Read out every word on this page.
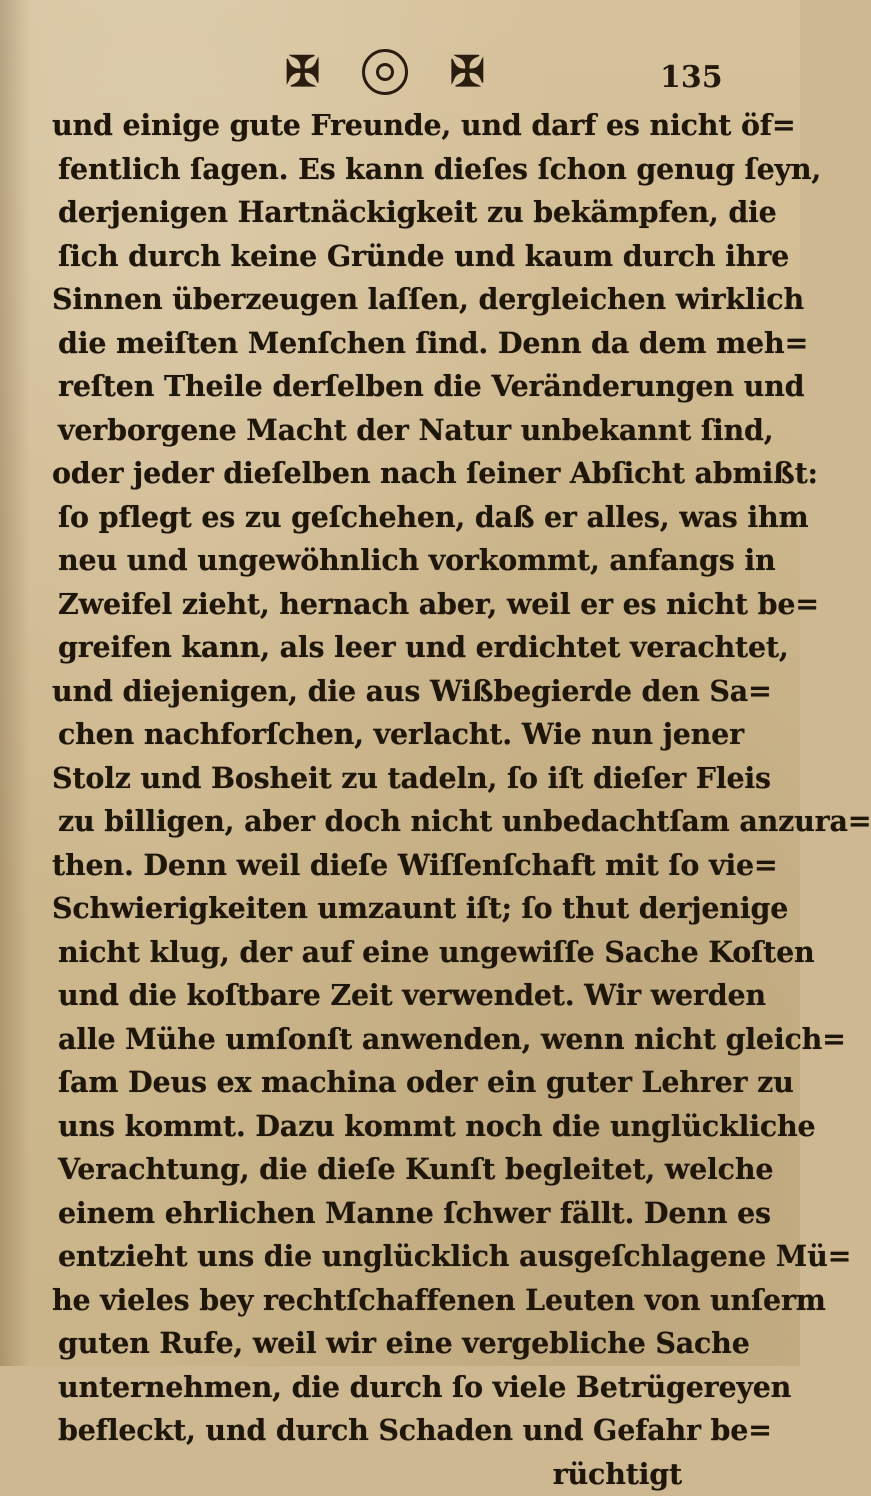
✠	✠	135
und einige gute Freunde, und darf es nicht öf=
fentlich ſagen. Es kann dieſes ſchon genug ſeyn,
derjenigen Hartnäckigkeit zu bekämpfen, die
ſich durch keine Gründe und kaum durch ihre
Sinnen überzeugen laſſen, dergleichen wirklich
die meiſten Menſchen ſind. Denn da dem meh=
reſten Theile derſelben die Veränderungen und
verborgene Macht der Natur unbekannt ſind,
oder jeder dieſelben nach ſeiner Abſicht abmißt:
ſo pflegt es zu geſchehen, daß er alles, was ihm
neu und ungewöhnlich vorkommt, anfangs in
Zweifel zieht, hernach aber, weil er es nicht be=
greifen kann, als leer und erdichtet verachtet,
und diejenigen, die aus Wißbegierde den Sa=
chen nachforſchen, verlacht. Wie nun jener
Stolz und Bosheit zu tadeln, ſo iſt dieſer Fleis
zu billigen, aber doch nicht unbedachtſam anzura=
then. Denn weil dieſe Wiſſenſchaft mit ſo vie=
Schwierigkeiten umzaunt iſt; ſo thut derjenige
nicht klug, der auf eine ungewiſſe Sache Koſten
und die koſtbare Zeit verwendet. Wir werden
alle Mühe umſonſt anwenden, wenn nicht gleich=
ſam Deus ex machina oder ein guter Lehrer zu
uns kommt. Dazu kommt noch die unglückliche
Verachtung, die dieſe Kunſt begleitet, welche
einem ehrlichen Manne ſchwer fällt. Denn es
entzieht uns die unglücklich ausgeſchlagene Mü=
he vieles bey rechtſchaffenen Leuten von unſerm
guten Rufe, weil wir eine vergebliche Sache
unternehmen, die durch ſo viele Betrügereyen
befleckt, und durch Schaden und Gefahr be=
rüchtigt
